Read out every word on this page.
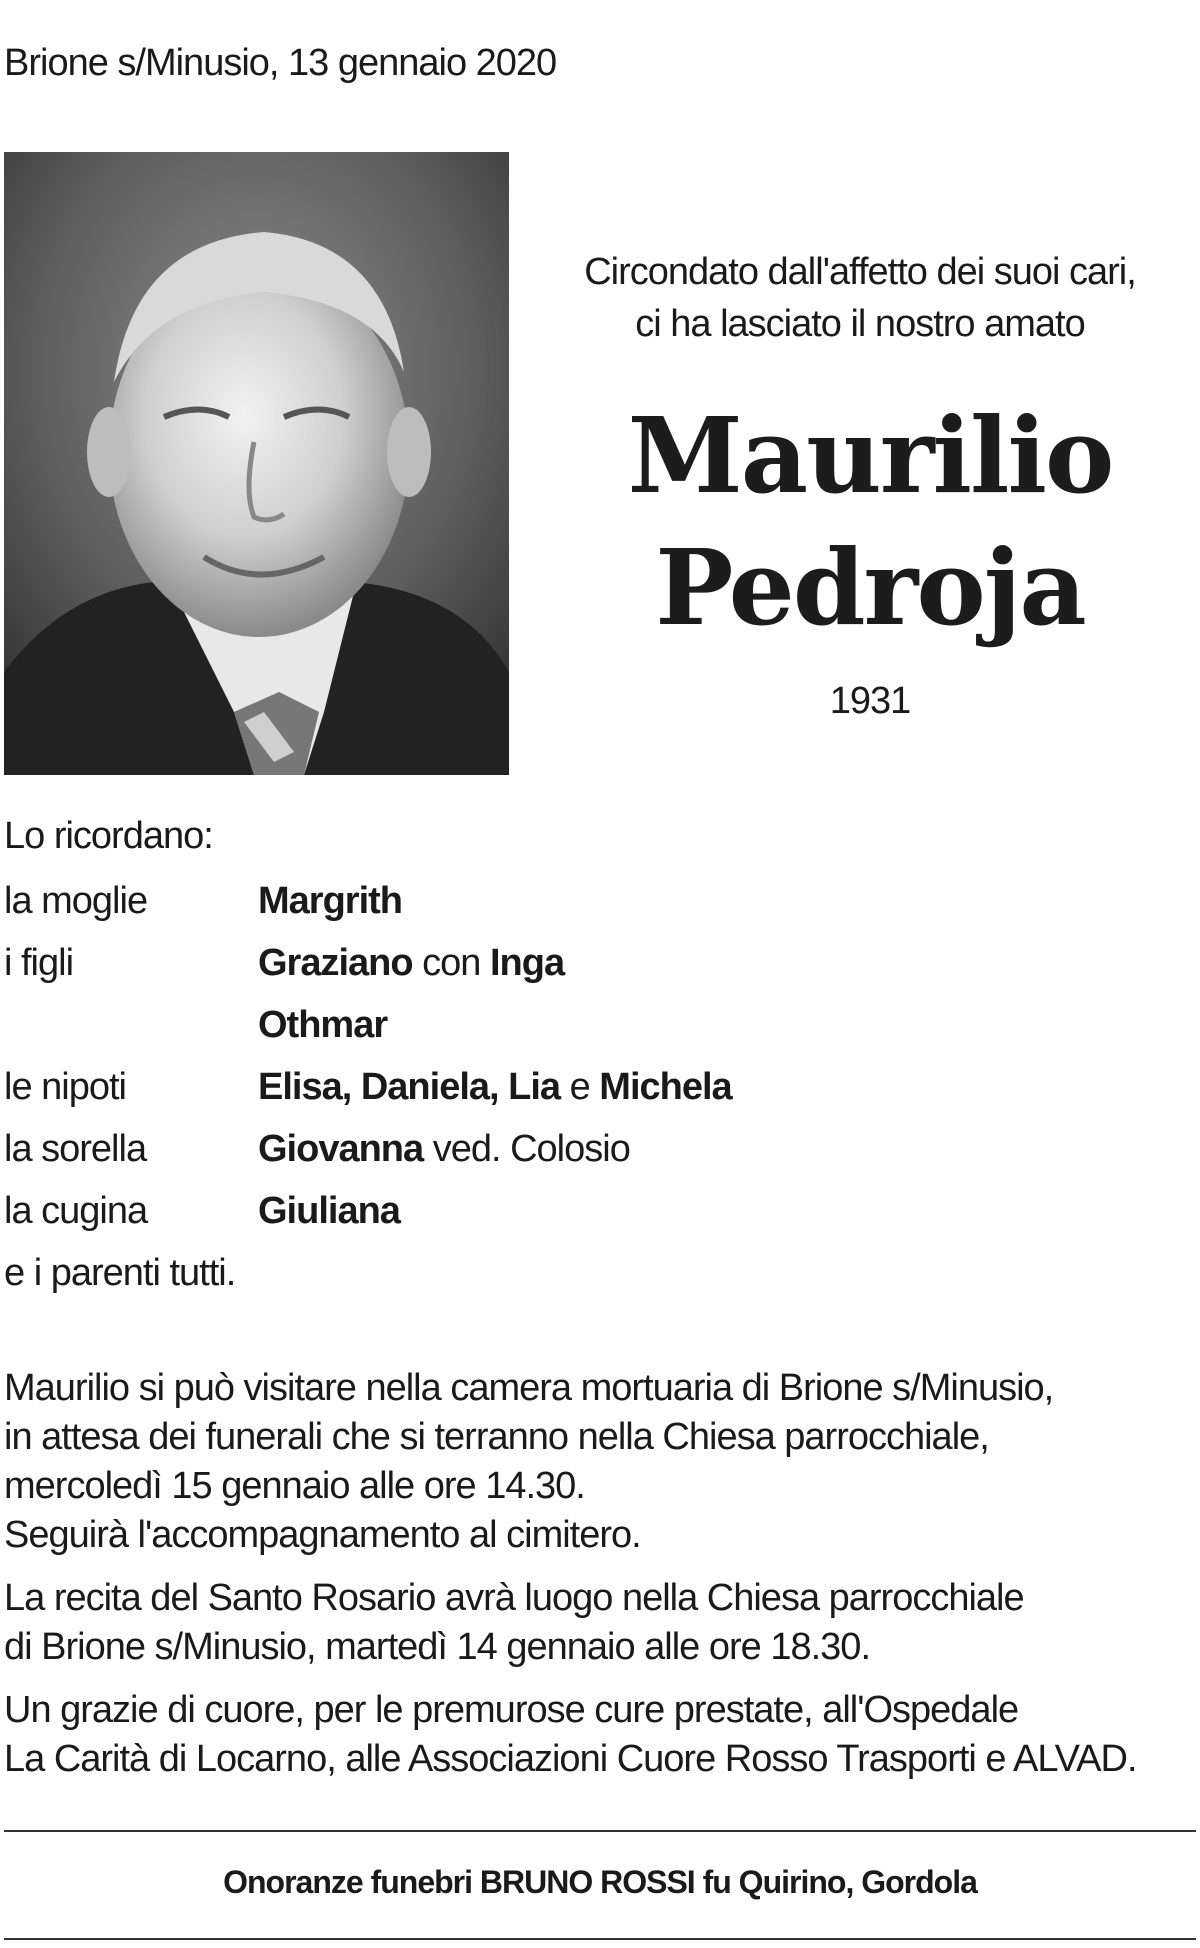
Brione s/Minusio, 13 gennaio 2020
Circondato dall'affetto dei suoi cari,
ci ha lasciato il nostro amato
Maurilio
Pedroja
1931
Lo ricordano:
la moglie	Margrith
i figli	Graziano con Inga
Othmar
le nipoti	Elisa, Daniela, Lia e Michela
la sorella	Giovanna ved. Colosio
la cugina	Giuliana
e i parenti tutti.
Maurilio si può visitare nella camera mortuaria di Brione s/Minusio,
in attesa dei funerali che si terranno nella Chiesa parrocchiale,
mercoledì 15 gennaio alle ore 14.30.
Seguirà l'accompagnamento al cimitero.
La recita del Santo Rosario avrà luogo nella Chiesa parrocchiale
di Brione s/Minusio, martedì 14 gennaio alle ore 18.30.
Un grazie di cuore, per le premurose cure prestate, all'Ospedale
La Carità di Locarno, alle Associazioni Cuore Rosso Trasporti e ALVAD.
Onoranze funebri BRUNO ROSSI fu Quirino, Gordola
